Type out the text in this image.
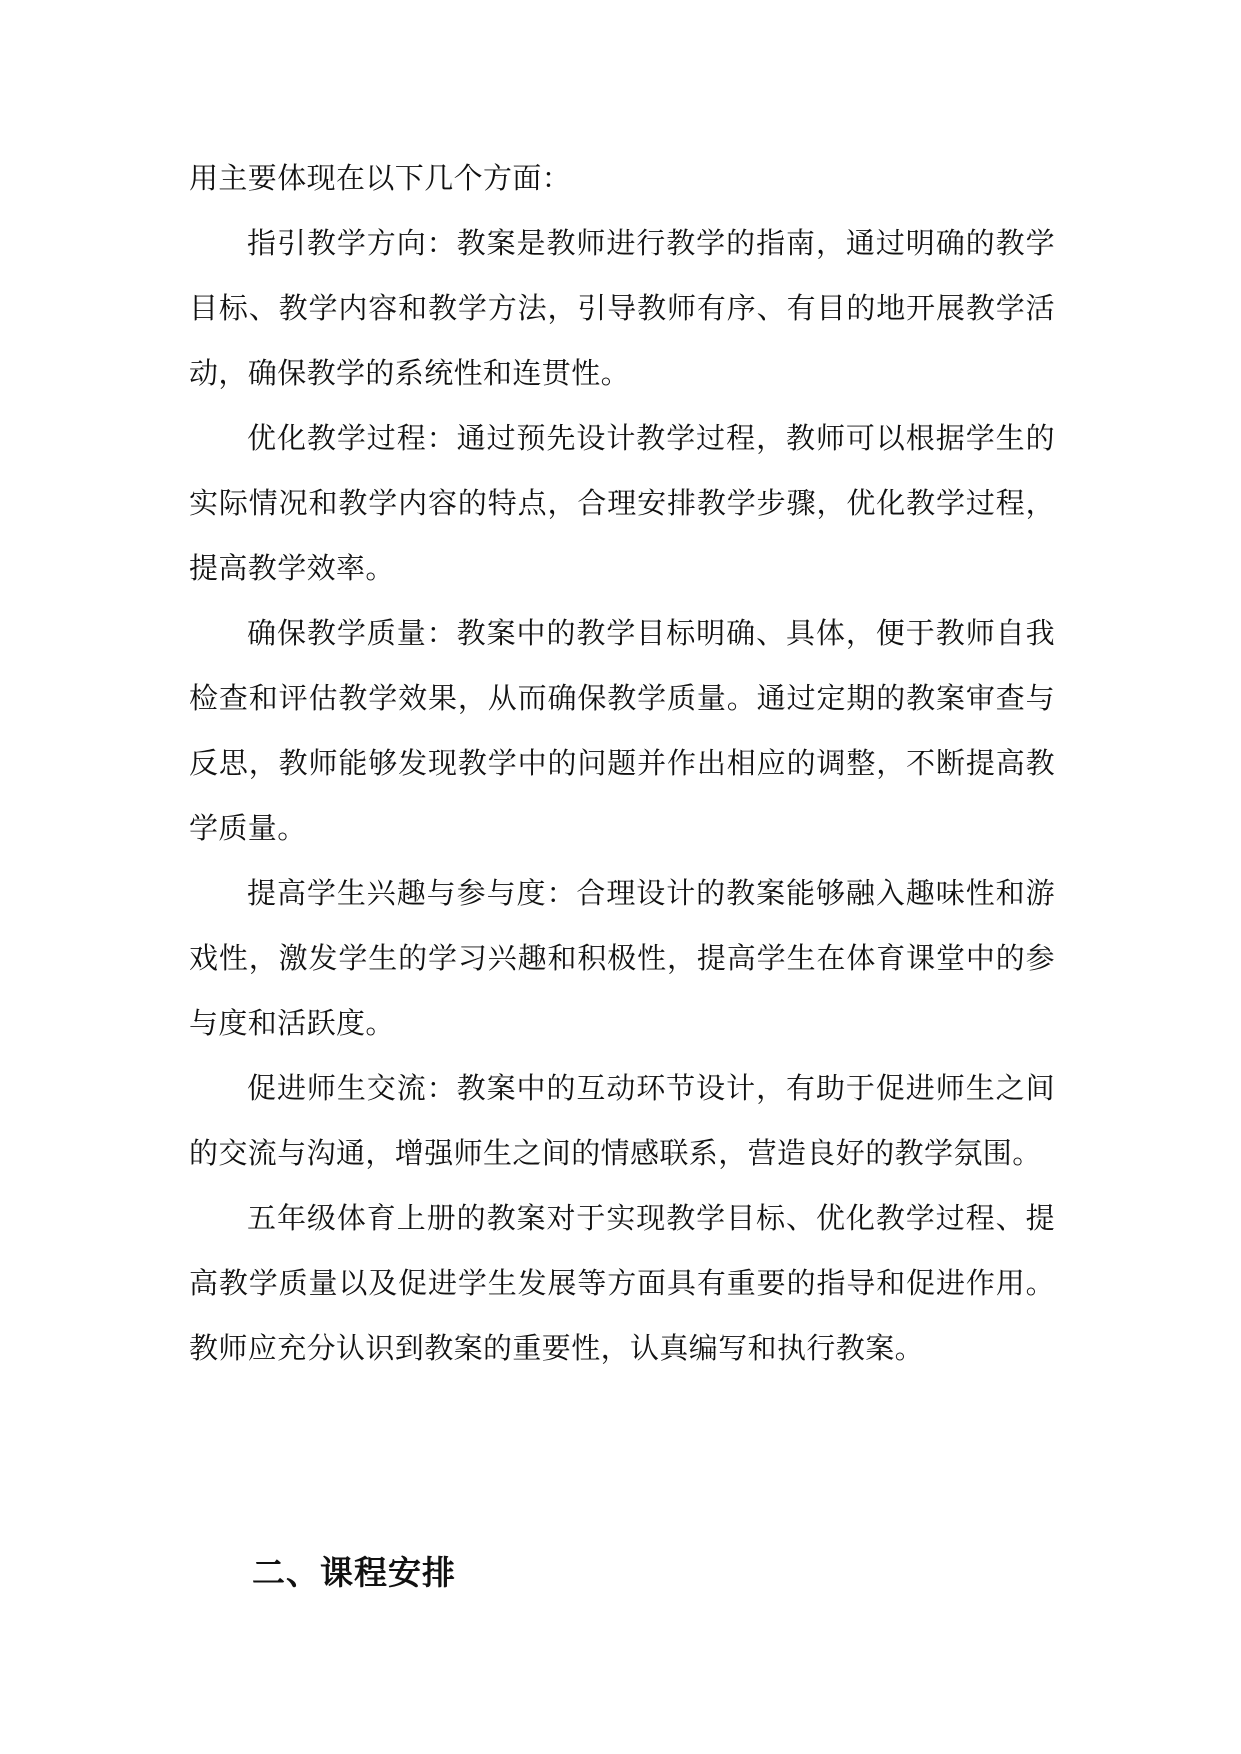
用主要体现在以下几个方面：

指引教学方向：教案是教师进行教学的指南，通过明确的教学目标、教学内容和教学方法，引导教师有序、有目的地开展教学活动，确保教学的系统性和连贯性。

优化教学过程：通过预先设计教学过程，教师可以根据学生的实际情况和教学内容的特点，合理安排教学步骤，优化教学过程，提高教学效率。

确保教学质量：教案中的教学目标明确、具体，便于教师自我检查和评估教学效果，从而确保教学质量。通过定期的教案审查与反思，教师能够发现教学中的问题并作出相应的调整，不断提高教学质量。

提高学生兴趣与参与度：合理设计的教案能够融入趣味性和游戏性，激发学生的学习兴趣和积极性，提高学生在体育课堂中的参与度和活跃度。

促进师生交流：教案中的互动环节设计，有助于促进师生之间的交流与沟通，增强师生之间的情感联系，营造良好的教学氛围。

五年级体育上册的教案对于实现教学目标、优化教学过程、提高教学质量以及促进学生发展等方面具有重要的指导和促进作用。教师应充分认识到教案的重要性，认真编写和执行教案。

二、课程安排
